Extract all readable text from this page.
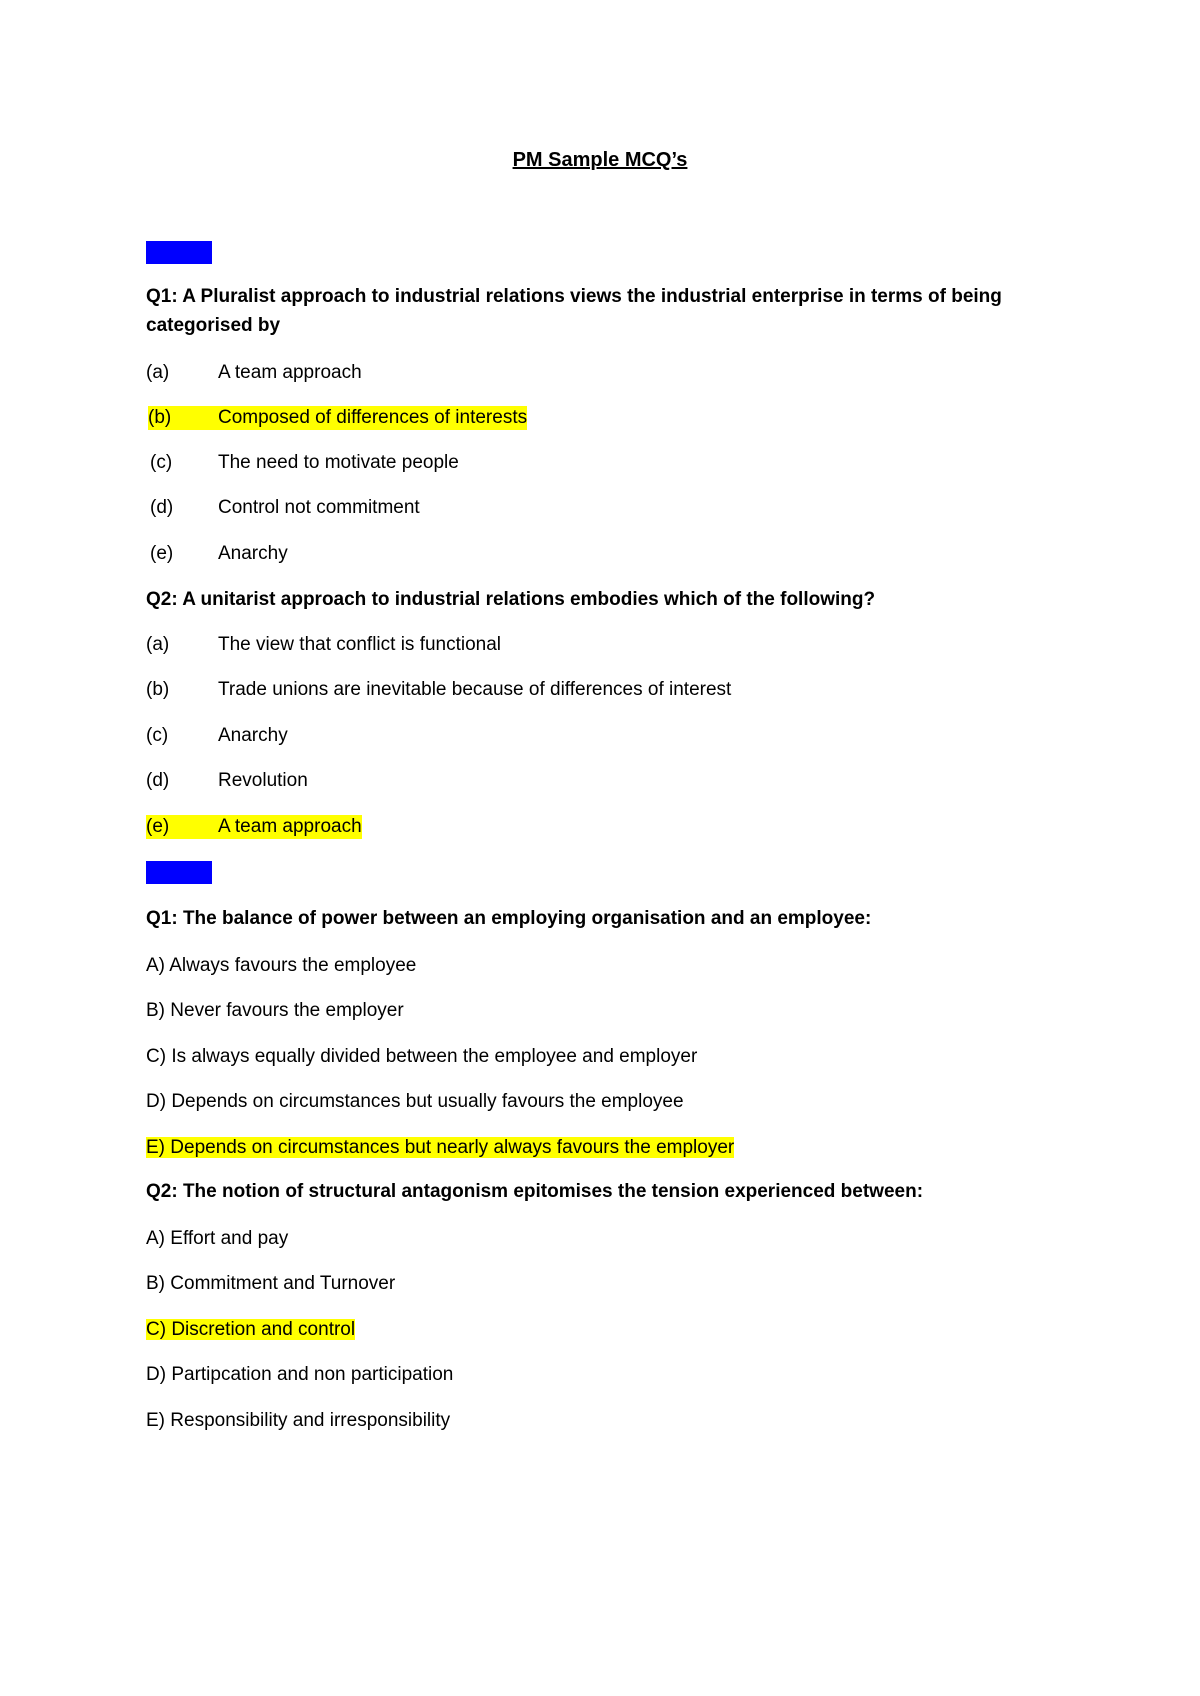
PM Sample MCQ’s
Week 2
Q1: A Pluralist approach to industrial relations views the industrial enterprise in terms of being categorised by
(a)	A team approach
(b) Composed of differences of interests
(c) The need to motivate people
(d) Control not commitment
(e) Anarchy
Q2: A unitarist approach to industrial relations embodies which of the following?
(a)	The view that conflict is functional
(b)	Trade unions are inevitable because of differences of interest
(c)	Anarchy
(d)	Revolution
(e)	A team approach
Week 4
Q1: The balance of power between an employing organisation and an employee:
A) Always favours the employee
B) Never favours the employer
C) Is always equally divided between the employee and employer
D) Depends on circumstances but usually favours the employee
E) Depends on circumstances but nearly always favours the employer
Q2: The notion of structural antagonism epitomises the tension experienced between:
A) Effort and pay
B) Commitment and Turnover
C) Discretion and control
D) Partipcation and non participation
E) Responsibility and irresponsibility
